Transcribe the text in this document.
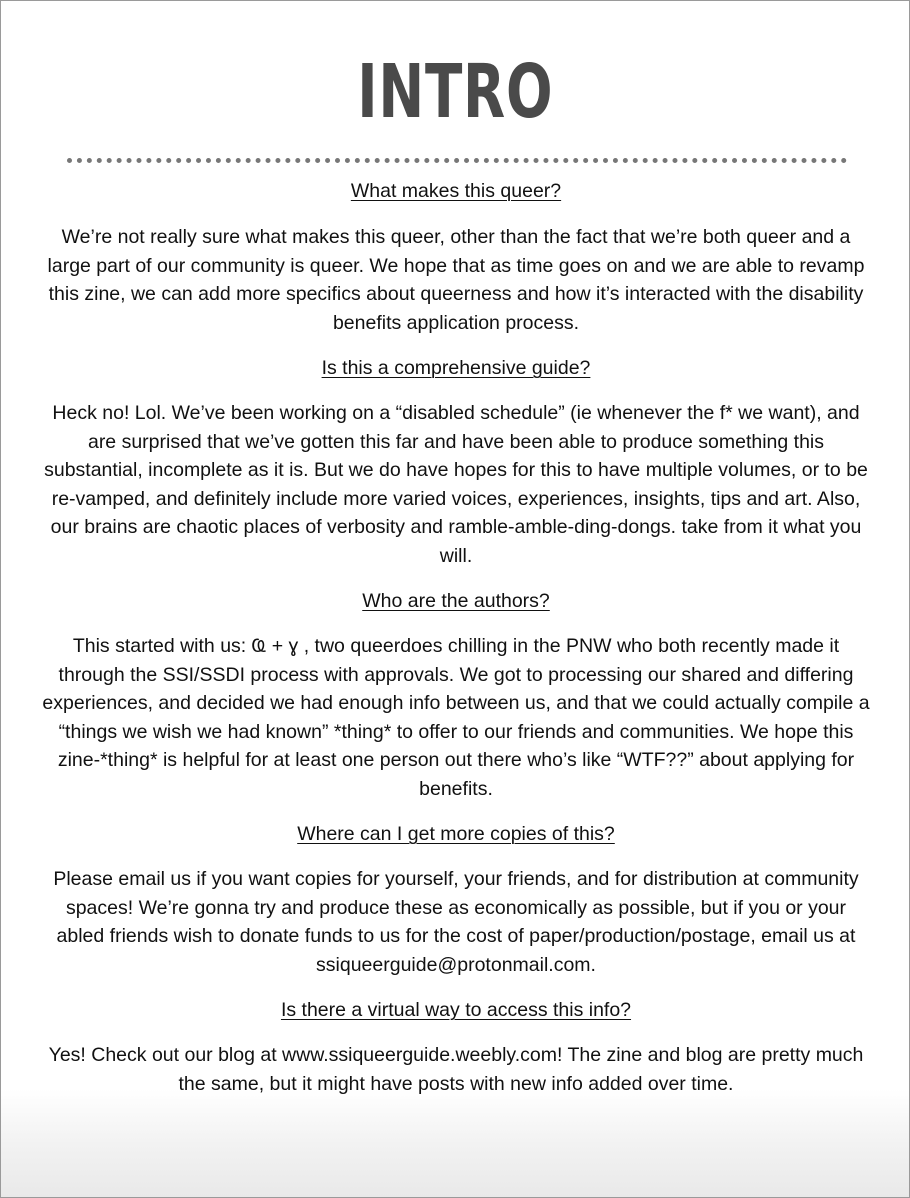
INTRO

What makes this queer?

We’re not really sure what makes this queer, other than the fact that we’re both queer and a large part of our community is queer. We hope that as time goes on and we are able to revamp this zine, we can add more specifics about queerness and how it’s interacted with the disability benefits application process.

Is this a comprehensive guide?

Heck no! Lol. We’ve been working on a “disabled schedule” (ie whenever the f* we want), and are surprised that we’ve gotten this far and have been able to produce something this substantial, incomplete as it is. But we do have hopes for this to have multiple volumes, or to be re-vamped, and definitely include more varied voices, experiences, insights, tips and art. Also, our brains are chaotic places of verbosity and ramble-amble-ding-dongs. take from it what you will.

Who are the authors?

This started with us: Ҩ + ɣ , two queerdoes chilling in the PNW who both recently made it through the SSI/SSDI process with approvals. We got to processing our shared and differing experiences, and decided we had enough info between us, and that we could actually compile a “things we wish we had known” *thing* to offer to our friends and communities. We hope this zine-*thing* is helpful for at least one person out there who’s like “WTF??” about applying for benefits.

Where can I get more copies of this?

Please email us if you want copies for yourself, your friends, and for distribution at community spaces! We’re gonna try and produce these as economically as possible, but if you or your abled friends wish to donate funds to us for the cost of paper/production/postage, email us at ssiqueerguide@protonmail.com.

Is there a virtual way to access this info?

Yes! Check out our blog at www.ssiqueerguide.weebly.com! The zine and blog are pretty much the same, but it might have posts with new info added over time.
